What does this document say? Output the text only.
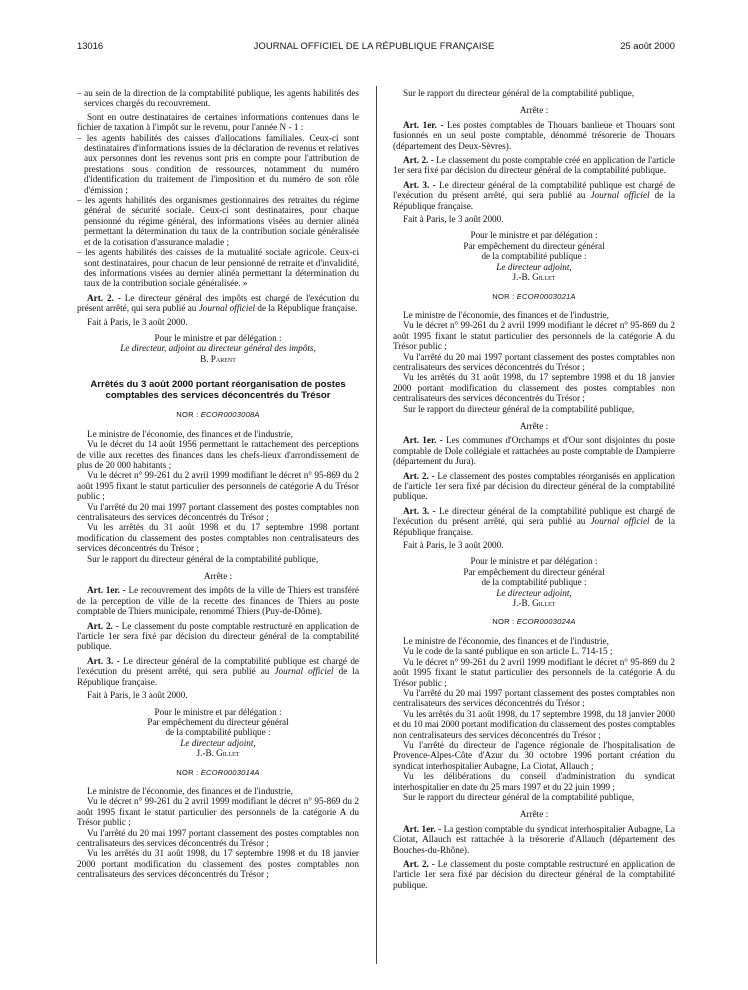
13016	JOURNAL OFFICIEL DE LA RÉPUBLIQUE FRANÇAISE	25 août 2000
– au sein de la direction de la comptabilité publique, les agents habilités des services chargés du recouvrement.

Sont en outre destinataires de certaines informations contenues dans le fichier de taxation à l'impôt sur le revenu, pour l'année N - 1 :

– les agents habilités des caisses d'allocations familiales. Ceux-ci sont destinataires d'informations issues de la déclaration de revenus et relatives aux personnes dont les revenus sont pris en compte pour l'attribution de prestations sous condition de ressources, notamment du numéro d'identification du traitement de l'imposition et du numéro de son rôle d'émission ;
– les agents habilités des organismes gestionnaires des retraites du régime général de sécurité sociale. Ceux-ci sont destinataires, pour chaque pensionné du régime général, des informations visées au dernier alinéa permettant la détermination du taux de la contribution sociale généralisée et de la cotisation d'assurance maladie ;
– les agents habilités des caisses de la mutualité sociale agricole. Ceux-ci sont destinataires, pour chacun de leur pensionné de retraite et d'invalidité, des informations visées au dernier alinéa permettant la détermination du taux de la contribution sociale généralisée. »

Art. 2. - Le directeur général des impôts est chargé de l'exécution du présent arrêté, qui sera publié au Journal officiel de la République française.

Fait à Paris, le 3 août 2000.

Pour le ministre et par délégation :
Le directeur, adjoint au directeur général des impôts,
B. Parent
Arrêtés du 3 août 2000 portant réorganisation de postes comptables des services déconcentrés du Trésor
NOR : ECOR0003008A

Le ministre de l'économie, des finances et de l'industrie,

Vu le décret du 14 août 1956 permettant le rattachement des perceptions de ville aux recettes des finances dans les chefs-lieux d'arrondissement de plus de 20 000 habitants ;

Vu le décret n° 99-261 du 2 avril 1999 modifiant le décret n° 95-869 du 2 août 1995 fixant le statut particulier des personnels de catégorie A du Trésor public ;

Vu l'arrêté du 20 mai 1997 portant classement des postes comptables non centralisateurs des services déconcentrés du Trésor ;

Vu les arrêtés du 31 août 1998 et du 17 septembre 1998 portant modification du classement des postes comptables non centralisateurs des services déconcentrés du Trésor ;

Sur le rapport du directeur général de la comptabilité publique,

Arrête :

Art. 1er. - Le recouvrement des impôts de la ville de Thiers est transféré de la perception de ville de la recette des finances de Thiers au poste comptable de Thiers municipale, renommé Thiers (Puy-de-Dôme).

Art. 2. - Le classement du poste comptable restructuré en application de l'article 1er sera fixé par décision du directeur général de la comptabilité publique.

Art. 3. - Le directeur général de la comptabilité publique est chargé de l'exécution du présent arrêté, qui sera publié au Journal officiel de la République française.

Fait à Paris, le 3 août 2000.

Pour le ministre et par délégation :
Par empêchement du directeur général
de la comptabilité publique :
Le directeur adjoint,
J.-B. Gillet
NOR : ECOR0003014A

Le ministre de l'économie, des finances et de l'industrie,

Vu le décret n° 99-261 du 2 avril 1999 modifiant le décret n° 95-869 du 2 août 1995 fixant le statut particulier des personnels de la catégorie A du Trésor public ;

Vu l'arrêté du 20 mai 1997 portant classement des postes comptables non centralisateurs des services déconcentrés du Trésor ;

Vu les arrêtés du 31 août 1998, du 17 septembre 1998 et du 18 janvier 2000 portant modification du classement des postes comptables non centralisateurs des services déconcentrés du Trésor ;

Sur le rapport du directeur général de la comptabilité publique,

Arrête :

Art. 1er. - Les postes comptables de Thouars banlieue et Thouars sont fusionnés en un seul poste comptable, dénommé trésorerie de Thouars (département des Deux-Sèvres).

Art. 2. - Le classement du poste comptable créé en application de l'article 1er sera fixé par décision du directeur général de la comptabilité publique.

Art. 3. - Le directeur général de la comptabilité publique est chargé de l'exécution du présent arrêté, qui sera publié au Journal officiel de la République française.

Fait à Paris, le 3 août 2000.

Pour le ministre et par délégation :
Par empêchement du directeur général
de la comptabilité publique :
Le directeur adjoint,
J.-B. Gillet
NOR : ECOR0003021A

Le ministre de l'économie, des finances et de l'industrie,

Vu le décret n° 99-261 du 2 avril 1999 modifiant le décret n° 95-869 du 2 août 1995 fixant le statut particulier des personnels de la catégorie A du Trésor public ;

Vu l'arrêté du 20 mai 1997 portant classement des postes comptables non centralisateurs des services déconcentrés du Trésor ;

Vu les arrêtés du 31 août 1998, du 17 septembre 1998 et du 18 janvier 2000 portant modification du classement des postes comptables non centralisateurs des services déconcentrés du Trésor ;

Sur le rapport du directeur général de la comptabilité publique,

Arrête :

Art. 1er. - Les communes d'Orchamps et d'Our sont disjointes du poste comptable de Dole collégiale et rattachées au poste comptable de Dampierre (département du Jura).

Art. 2. - Le classement des postes comptables réorganisés en application de l'article 1er sera fixé par décision du directeur général de la comptabilité publique.

Art. 3. - Le directeur général de la comptabilité publique est chargé de l'exécution du présent arrêté, qui sera publié au Journal officiel de la République française.

Fait à Paris, le 3 août 2000.

Pour le ministre et par délégation :
Par empêchement du directeur général
de la comptabilité publique :
Le directeur adjoint,
J.-B. Gillet
NOR : ECOR0003024A

Le ministre de l'économie, des finances et de l'industrie,

Vu le code de la santé publique en son article L. 714-15 ;

Vu le décret n° 99-261 du 2 avril 1999 modifiant le décret n° 95-869 du 2 août 1995 fixant le statut particulier des personnels de la catégorie A du Trésor public ;

Vu l'arrêté du 20 mai 1997 portant classement des postes comptables non centralisateurs des services déconcentrés du Trésor ;

Vu les arrêtés du 31 août 1998, du 17 septembre 1998, du 18 janvier 2000 et du 10 mai 2000 portant modification du classement des postes comptables non centralisateurs des services déconcentrés du Trésor ;

Vu l'arrêté du directeur de l'agence régionale de l'hospitalisation de Provence-Alpes-Côte d'Azur du 30 octobre 1996 portant création du syndicat interhospitalier Aubagne, La Ciotat, Allauch ;

Vu les délibérations du conseil d'administration du syndicat interhospitalier en date du 25 mars 1997 et du 22 juin 1999 ;

Sur le rapport du directeur général de la comptabilité publique,

Arrête :

Art. 1er. - La gestion comptable du syndicat interhospitalier Aubagne, La Ciotat, Allauch est rattachée à la trésorerie d'Allauch (département des Bouches-du-Rhône).

Art. 2. - Le classement du poste comptable restructuré en application de l'article 1er sera fixé par décision du directeur général de la comptabilité publique.
